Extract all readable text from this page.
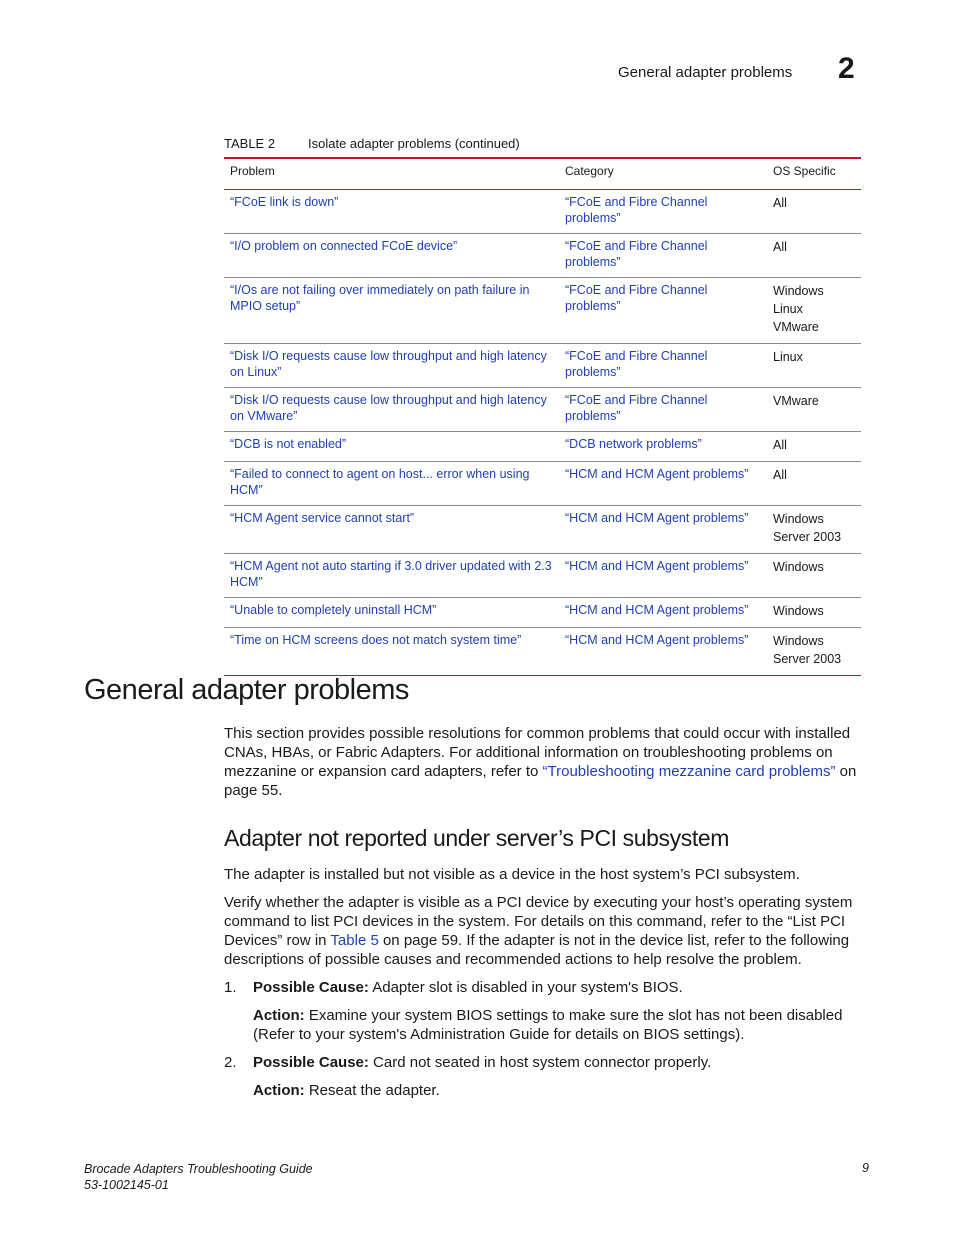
General adapter problems 2
TABLE 2	Isolate adapter problems (continued)
Problem	Category	OS Specific
“FCoE link is down”	“FCoE and Fibre Channel problems”	All

“I/O problem on connected FCoE device”	“FCoE and Fibre Channel problems”	All

“I/Os are not failing over immediately on path failure in MPIO setup”	“FCoE and Fibre Channel problems”	Windows
Linux
VMware

“Disk I/O requests cause low throughput and high latency on Linux”	“FCoE and Fibre Channel problems”	Linux

“Disk I/O requests cause low throughput and high latency on VMware”	“FCoE and Fibre Channel problems”	VMware

“DCB is not enabled”	“DCB network problems”	All

“Failed to connect to agent on host... error when using HCM”	“HCM and HCM Agent problems”	All

“HCM Agent service cannot start”	“HCM and HCM Agent problems”	Windows Server 2003

“HCM Agent not auto starting if 3.0 driver updated with 2.3 HCM”	“HCM and HCM Agent problems”	Windows

“Unable to completely uninstall HCM”	“HCM and HCM Agent problems”	Windows

“Time on HCM screens does not match system time”	“HCM and HCM Agent problems”	Windows Server 2003
General adapter problems

This section provides possible resolutions for common problems that could occur with installed CNAs, HBAs, or Fabric Adapters. For additional information on troubleshooting problems on mezzanine or expansion card adapters, refer to “Troubleshooting mezzanine card problems” on page 55.

Adapter not reported under server’s PCI subsystem

The adapter is installed but not visible as a device in the host system’s PCI subsystem.

Verify whether the adapter is visible as a PCI device by executing your host’s operating system command to list PCI devices in the system. For details on this command, refer to the “List PCI Devices” row in Table 5 on page 59. If the adapter is not in the device list, refer to the following descriptions of possible causes and recommended actions to help resolve the problem.

1. Possible Cause: Adapter slot is disabled in your system's BIOS.
Action: Examine your system BIOS settings to make sure the slot has not been disabled (Refer to your system's Administration Guide for details on BIOS settings).
2. Possible Cause: Card not seated in host system connector properly.
Action: Reseat the adapter.
Brocade Adapters Troubleshooting Guide
53-1002145-01
9
